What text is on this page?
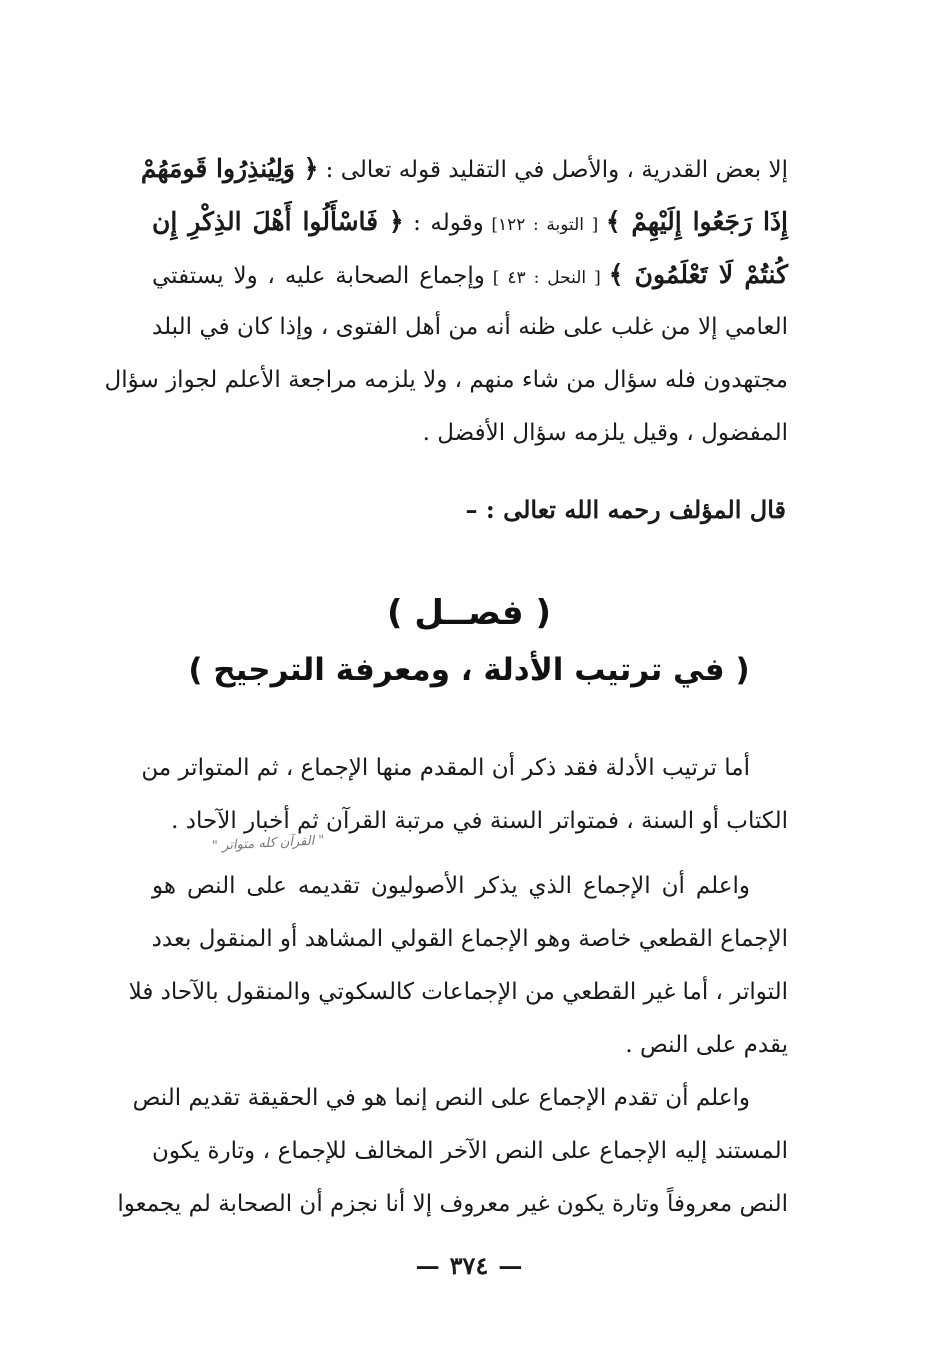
إلا بعض القدرية ، والأصل في التقليد قوله تعالى : ﴿ وَلِيُنذِرُوا قَومَهُمْ
إِذَا رَجَعُوا إِلَيْهِمْ ﴾ [ التوبة : ١٢٢] وقوله : ﴿ فَاسْأَلُوا أَهْلَ الذِكْرِ إِن
كُنتُمْ لَا تَعْلَمُونَ ﴾ [ النحل : ٤٣ ] وإجماع الصحابة عليه ، ولا يستفتي
العامي إلا من غلب على ظنه أنه من أهل الفتوى ، وإذا كان في البلد
مجتهدون فله سؤال من شاء منهم ، ولا يلزمه مراجعة الأعلم لجواز سؤال
المفضول ، وقيل يلزمه سؤال الأفضل .
قال المؤلف رحمه الله تعالى : –
( فصــل )
( في ترتيب الأدلة ، ومعرفة الترجيح )
أما ترتيب الأدلة فقد ذكر أن المقدم منها الإجماع ، ثم المتواتر من
الكتاب أو السنة ، فمتواتر السنة في مرتبة القرآن ثم أخبار الآحاد .
" القرآن كله متواتر "
واعلم أن الإجماع الذي يذكر الأصوليون تقديمه على النص هو
الإجماع القطعي خاصة وهو الإجماع القولي المشاهد أو المنقول بعدد
التواتر ، أما غير القطعي من الإجماعات كالسكوتي والمنقول بالآحاد فلا
يقدم على النص .
واعلم أن تقدم الإجماع على النص إنما هو في الحقيقة تقديم النص
المستند إليه الإجماع على النص الآخر المخالف للإجماع ، وتارة يكون
النص معروفاً وتارة يكون غير معروف إلا أنا نجزم أن الصحابة لم يجمعوا
—٣٧٤—
